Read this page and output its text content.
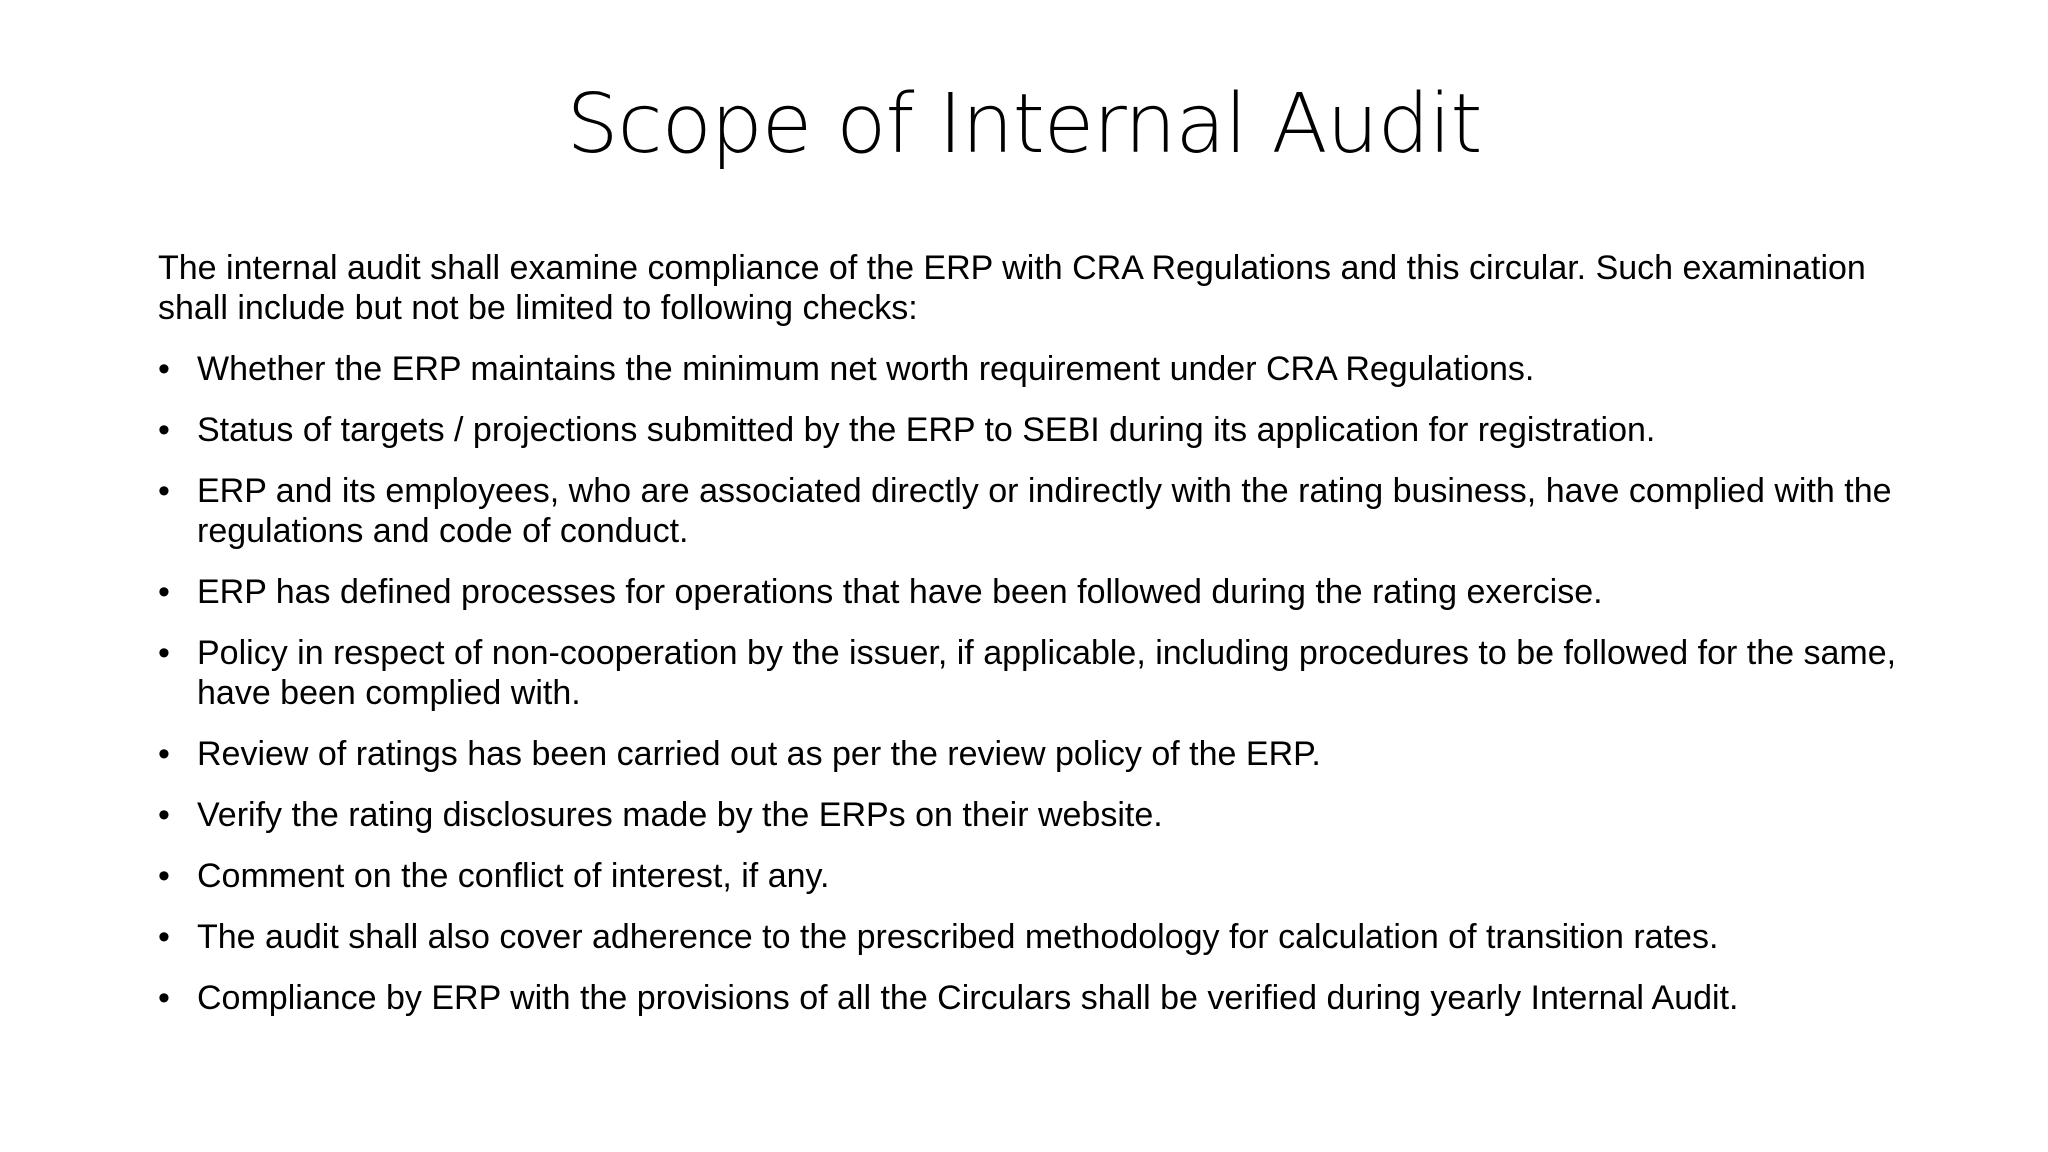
Scope of Internal Audit

The internal audit shall examine compliance of the ERP with CRA Regulations and this circular. Such examination shall include but not be limited to following checks:

• Whether the ERP maintains the minimum net worth requirement under CRA Regulations.
• Status of targets / projections submitted by the ERP to SEBI during its application for registration.
• ERP and its employees, who are associated directly or indirectly with the rating business, have complied with the regulations and code of conduct.
• ERP has defined processes for operations that have been followed during the rating exercise.
• Policy in respect of non-cooperation by the issuer, if applicable, including procedures to be followed for the same, have been complied with.
• Review of ratings has been carried out as per the review policy of the ERP.
• Verify the rating disclosures made by the ERPs on their website.
• Comment on the conflict of interest, if any.
• The audit shall also cover adherence to the prescribed methodology for calculation of transition rates.
• Compliance by ERP with the provisions of all the Circulars shall be verified during yearly Internal Audit.
